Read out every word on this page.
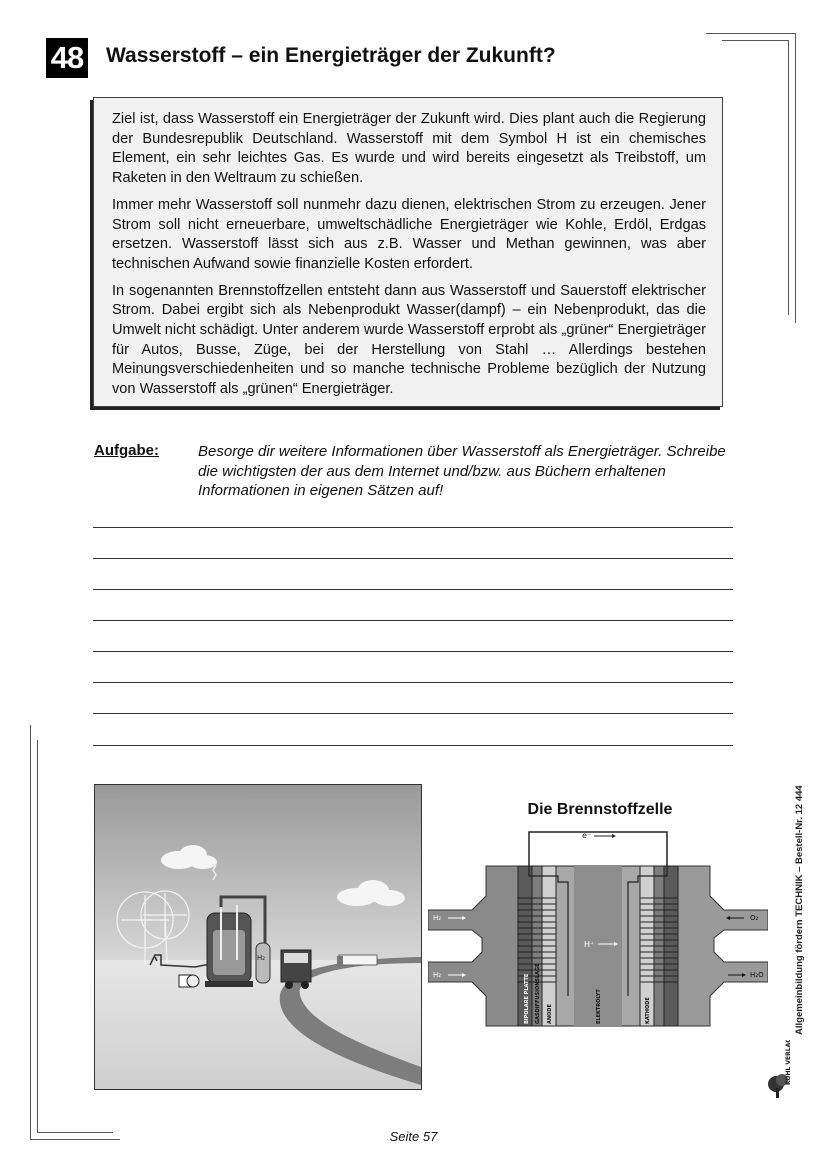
48 Wasserstoff – ein Energieträger der Zukunft?

Ziel ist, dass Wasserstoff ein Energieträger der Zukunft wird. Dies plant auch die Regierung der Bundesrepublik Deutschland. Wasserstoff mit dem Symbol H ist ein chemisches Element, ein sehr leichtes Gas. Es wurde und wird bereits eingesetzt als Treibstoff, um Raketen in den Weltraum zu schießen.

Immer mehr Wasserstoff soll nunmehr dazu dienen, elektrischen Strom zu erzeugen. Jener Strom soll nicht erneuerbare, umweltschädliche Energieträger wie Kohle, Erdöl, Erdgas ersetzen. Wasserstoff lässt sich aus z.B. Wasser und Methan gewinnen, was aber technischen Aufwand sowie finanzielle Kosten erfordert.

In sogenannten Brennstoffzellen entsteht dann aus Wasserstoff und Sauerstoff elektrischer Strom. Dabei ergibt sich als Nebenprodukt Wasser(dampf) – ein Nebenprodukt, das die Umwelt nicht schädigt. Unter anderem wurde Wasserstoff erprobt als „grüner“ Energieträger für Autos, Busse, Züge, bei der Herstellung von Stahl … Allerdings bestehen Meinungsverschiedenheiten und so manche technische Probleme bezüglich der Nutzung von Wasserstoff als „grünen“ Energieträger.

Aufgabe:	Besorge dir weitere Informationen über Wasserstoff als Energieträger. Schreibe die wichtigsten der aus dem Internet und/bzw. aus Büchern erhaltenen Informationen in eigenen Sätzen auf!
H₂
Die Brennstoffzelle
e⁻
H⁺
H₂
H₂
O₂
H₂O
BIPOLARE PLATTE GASDIFFUSIONSLAGE ANODE	ELEKTROLYT	KATHODE	Allgemeinbildung fördern TECHNIK – Bestell-Nr. 12 444
KOHL VERLAG
Seite 57
